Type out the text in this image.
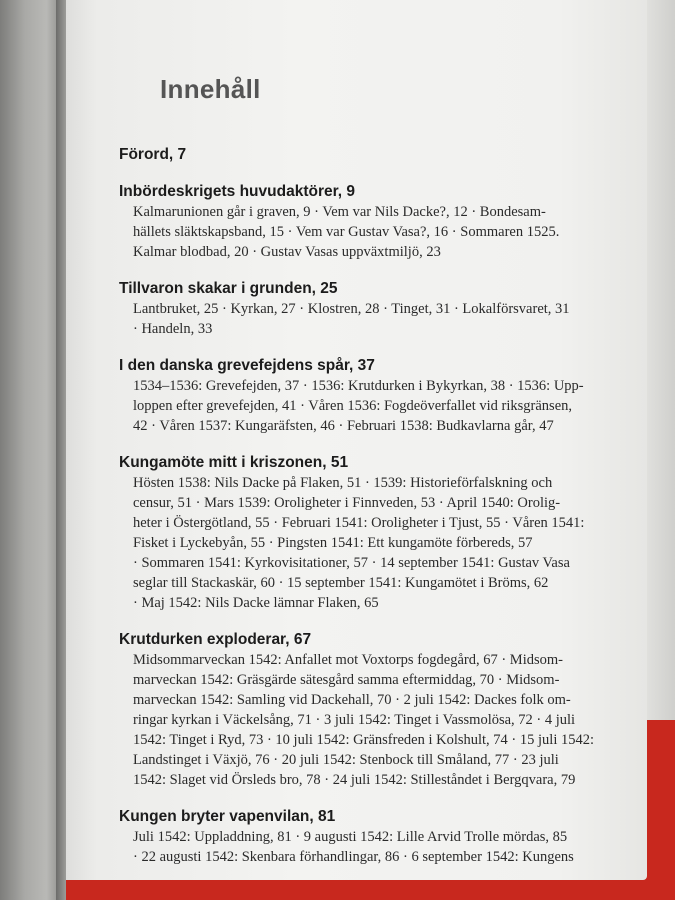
Innehåll
Förord, 7
Inbördeskrigets huvudaktörer, 9
Kalmarunionen går i graven, 9 · Vem var Nils Dacke?, 12 · Bondesam-
hällets släktskapsband, 15 · Vem var Gustav Vasa?, 16 · Sommaren 1525.
Kalmar blodbad, 20 · Gustav Vasas uppväxtmiljö, 23
Tillvaron skakar i grunden, 25
Lantbruket, 25 · Kyrkan, 27 · Klostren, 28 · Tinget, 31 · Lokalförsvaret, 31
· Handeln, 33
I den danska grevefejdens spår, 37
1534–1536: Grevefejden, 37 · 1536: Krutdurken i Bykyrkan, 38 · 1536: Upp-
loppen efter grevefejden, 41 · Våren 1536: Fogdeöverfallet vid riksgränsen,
42 · Våren 1537: Kungaräfsten, 46 · Februari 1538: Budkavlarna går, 47
Kungamöte mitt i kriszonen, 51
Hösten 1538: Nils Dacke på Flaken, 51 · 1539: Historieförfalskning och
censur, 51 · Mars 1539: Oroligheter i Finnveden, 53 · April 1540: Orolig-
heter i Östergötland, 55 · Februari 1541: Oroligheter i Tjust, 55 · Våren 1541:
Fisket i Lyckebyån, 55 · Pingsten 1541: Ett kungamöte förbereds, 57
· Sommaren 1541: Kyrkovisitationer, 57 · 14 september 1541: Gustav Vasa
seglar till Stackaskär, 60 · 15 september 1541: Kungamötet i Bröms, 62
· Maj 1542: Nils Dacke lämnar Flaken, 65
Krutdurken exploderar, 67
Midsommarveckan 1542: Anfallet mot Voxtorps fogdegård, 67 · Midsom-
marveckan 1542: Gräsgärde sätesgård samma eftermiddag, 70 · Midsom-
marveckan 1542: Samling vid Dackehall, 70 · 2 juli 1542: Dackes folk om-
ringar kyrkan i Väckelsång, 71 · 3 juli 1542: Tinget i Vassmolösa, 72 · 4 juli
1542: Tinget i Ryd, 73 · 10 juli 1542: Gränsfreden i Kolshult, 74 · 15 juli 1542:
Landstinget i Växjö, 76 · 20 juli 1542: Stenbock till Småland, 77 · 23 juli
1542: Slaget vid Örsleds bro, 78 · 24 juli 1542: Stilleståndet i Bergqvara, 79
Kungen bryter vapenvilan, 81
Juli 1542: Uppladdning, 81 · 9 augusti 1542: Lille Arvid Trolle mördas, 85
· 22 augusti 1542: Skenbara förhandlingar, 86 · 6 september 1542: Kungens
